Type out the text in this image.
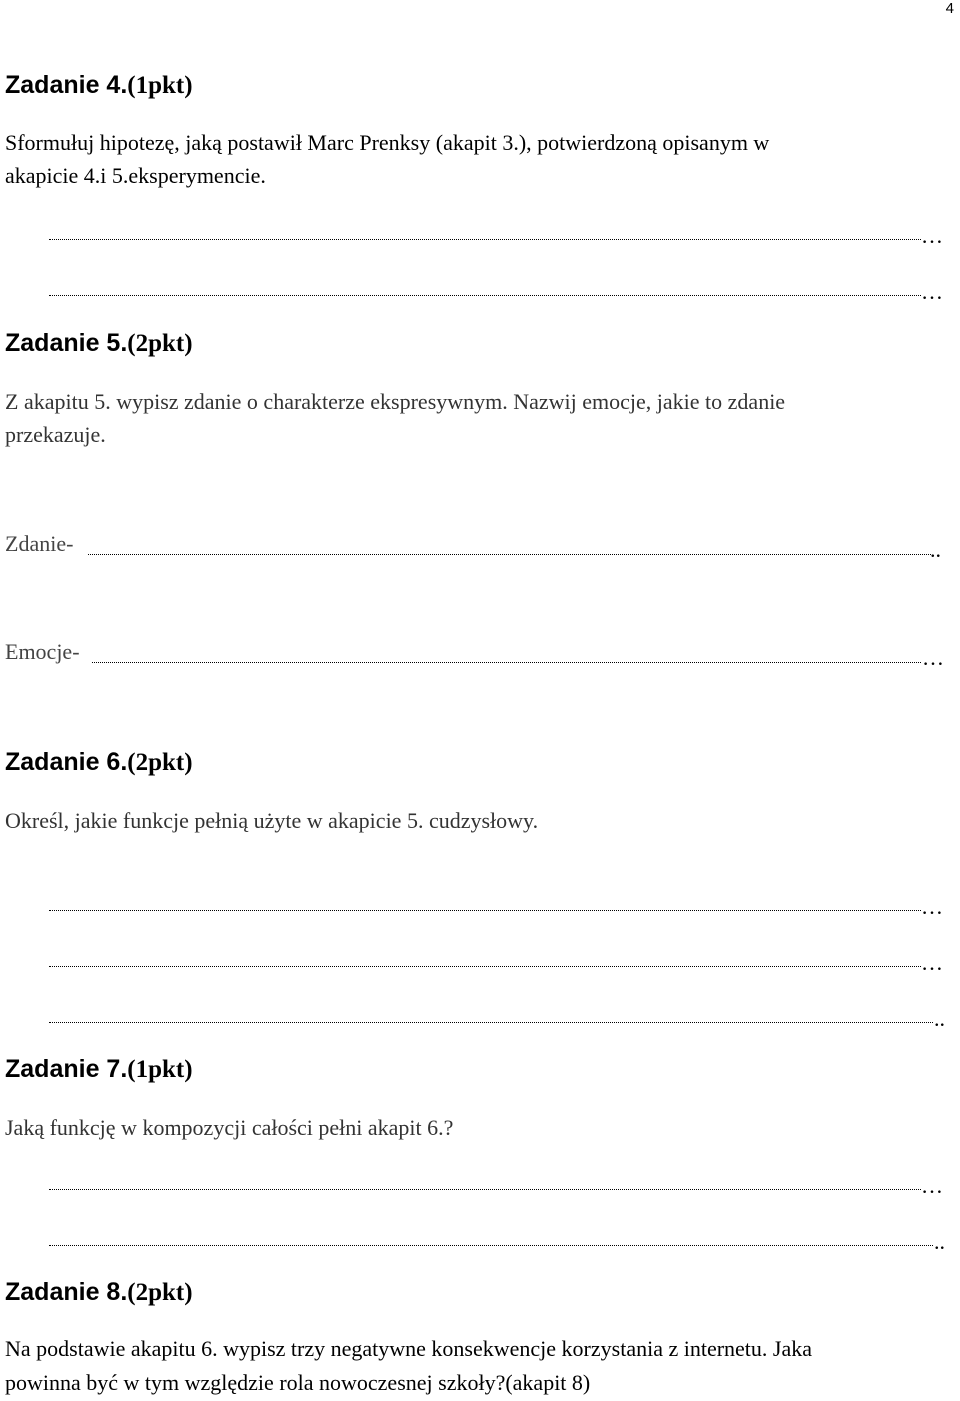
4
Zadanie 4.(1pkt)
Sformułuj hipotezę, jaką postawił Marc Prenksy (akapit 3.), potwierdzoną opisanym w
akapicie 4.i 5.eksperymencie.
…
…
Zadanie 5.(2pkt)
Z akapitu 5. wypisz zdanie o charakterze ekspresywnym. Nazwij emocje, jakie to zdanie
przekazuje.
Zdanie-	..
Emocje-	…
Zadanie 6.(2pkt)
Określ, jakie funkcje pełnią użyte w akapicie 5. cudzysłowy.
…
…
..
Zadanie 7.(1pkt)
Jaką funkcję w kompozycji całości pełni akapit 6.?
…
..
Zadanie 8.(2pkt)
Na podstawie akapitu 6. wypisz trzy negatywne konsekwencje korzystania z internetu. Jaka
powinna być w tym względzie rola nowoczesnej szkoły?(akapit 8)
